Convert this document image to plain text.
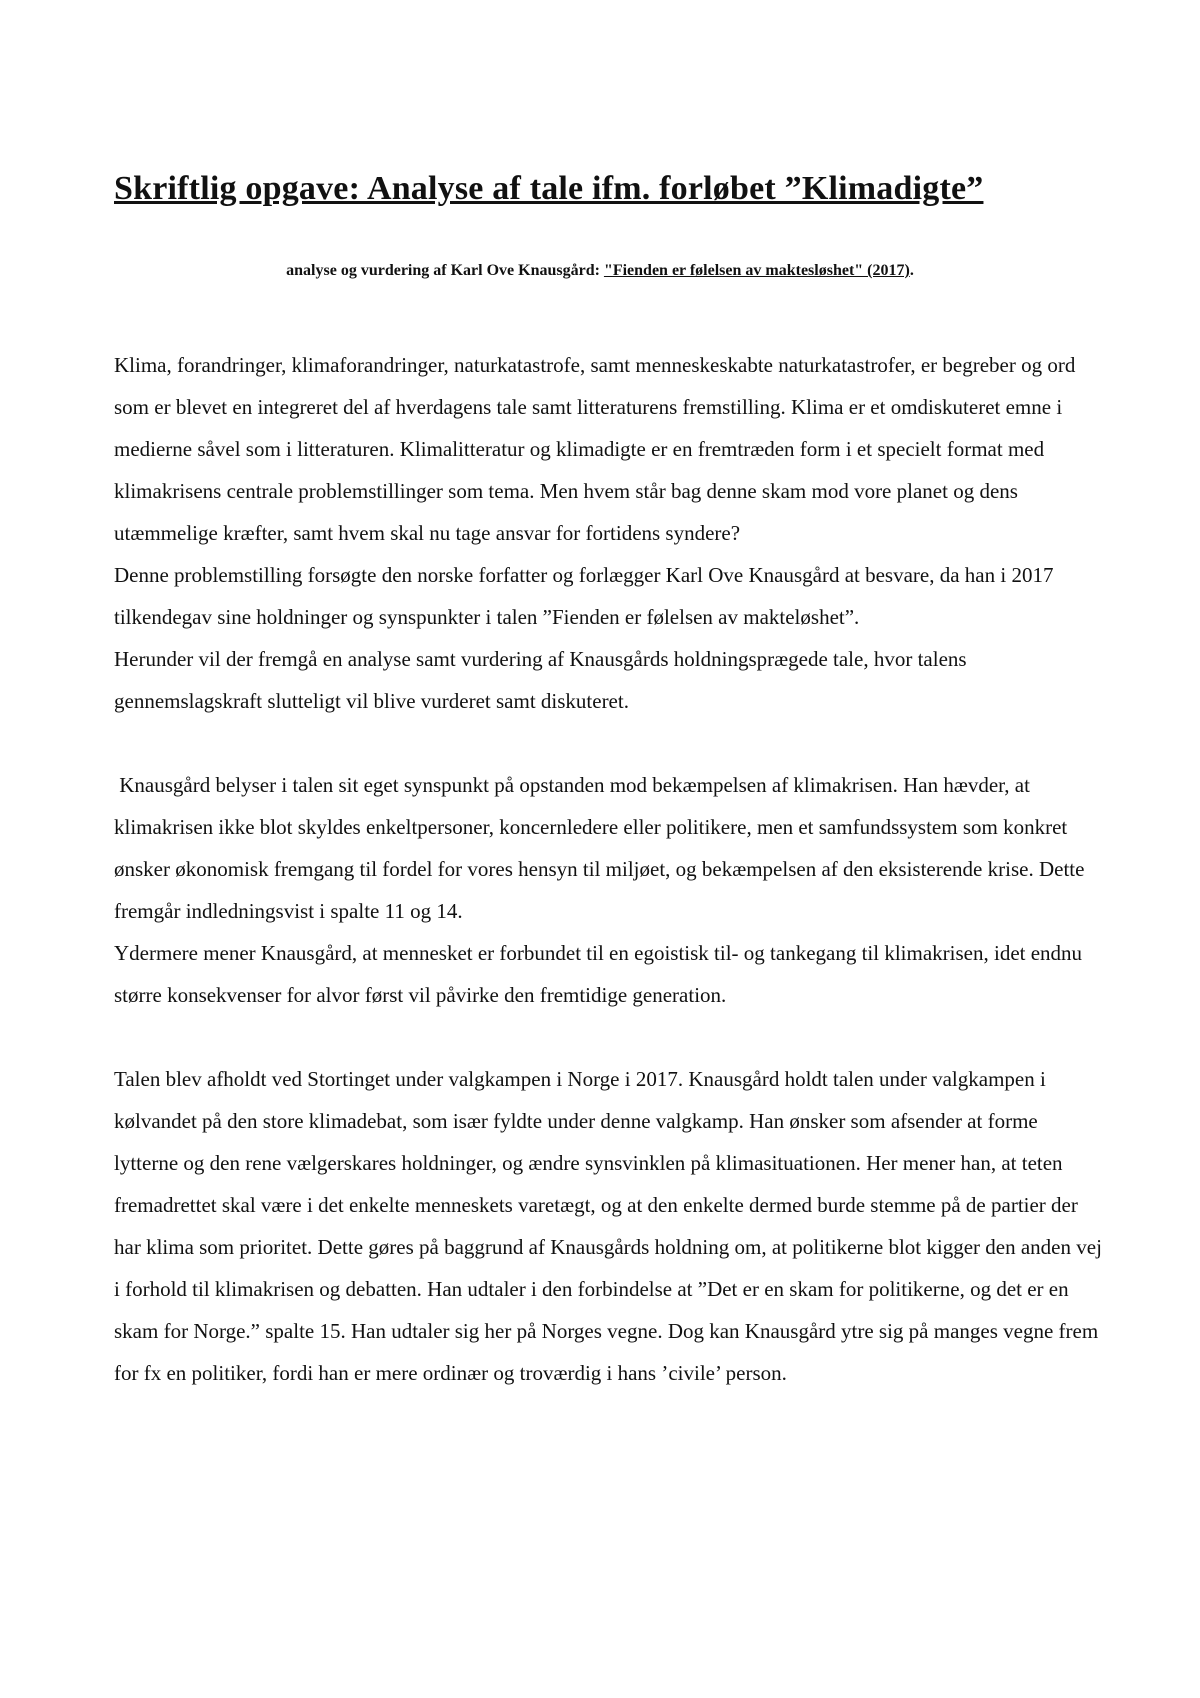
Skriftlig opgave: Analyse af tale ifm. forløbet ”Klimadigte”

analyse og vurdering af Karl Ove Knausgård: "Fienden er følelsen av maktesløshet" (2017).

Klima, forandringer, klimaforandringer, naturkatastrofe, samt menneskeskabte naturkatastrofer, er begreber og ord som er blevet en integreret del af hverdagens tale samt litteraturens fremstilling. Klima er et omdiskuteret emne i medierne såvel som i litteraturen. Klimalitteratur og klimadigte er en fremtræden form i et specielt format med klimakrisens centrale problemstillinger som tema. Men hvem står bag denne skam mod vore planet og dens utæmmelige kræfter, samt hvem skal nu tage ansvar for fortidens syndere?

Denne problemstilling forsøgte den norske forfatter og forlægger Karl Ove Knausgård at besvare, da han i 2017 tilkendegav sine holdninger og synspunkter i talen ”Fienden er følelsen av makteløshet”.

Herunder vil der fremgå en analyse samt vurdering af Knausgårds holdningsprægede tale, hvor talens gennemslagskraft slutteligt vil blive vurderet samt diskuteret.

Knausgård belyser i talen sit eget synspunkt på opstanden mod bekæmpelsen af klimakrisen. Han hævder, at klimakrisen ikke blot skyldes enkeltpersoner, koncernledere eller politikere, men et samfundssystem som konkret ønsker økonomisk fremgang til fordel for vores hensyn til miljøet, og bekæmpelsen af den eksisterende krise. Dette fremgår indledningsvist i spalte 11 og 14.

Ydermere mener Knausgård, at mennesket er forbundet til en egoistisk til- og tankegang til klimakrisen, idet endnu større konsekvenser for alvor først vil påvirke den fremtidige generation.

Talen blev afholdt ved Stortinget under valgkampen i Norge i 2017. Knausgård holdt talen under valgkampen i kølvandet på den store klimadebat, som især fyldte under denne valgkamp. Han ønsker som afsender at forme lytterne og den rene vælgerskares holdninger, og ændre synsvinklen på klimasituationen. Her mener han, at teten fremadrettet skal være i det enkelte menneskets varetægt, og at den enkelte dermed burde stemme på de partier der har klima som prioritet. Dette gøres på baggrund af Knausgårds holdning om, at politikerne blot kigger den anden vej i forhold til klimakrisen og debatten. Han udtaler i den forbindelse at ”Det er en skam for politikerne, og det er en skam for Norge.” spalte 15. Han udtaler sig her på Norges vegne. Dog kan Knausgård ytre sig på manges vegne frem for fx en politiker, fordi han er mere ordinær og troværdig i hans ’civile’ person.
